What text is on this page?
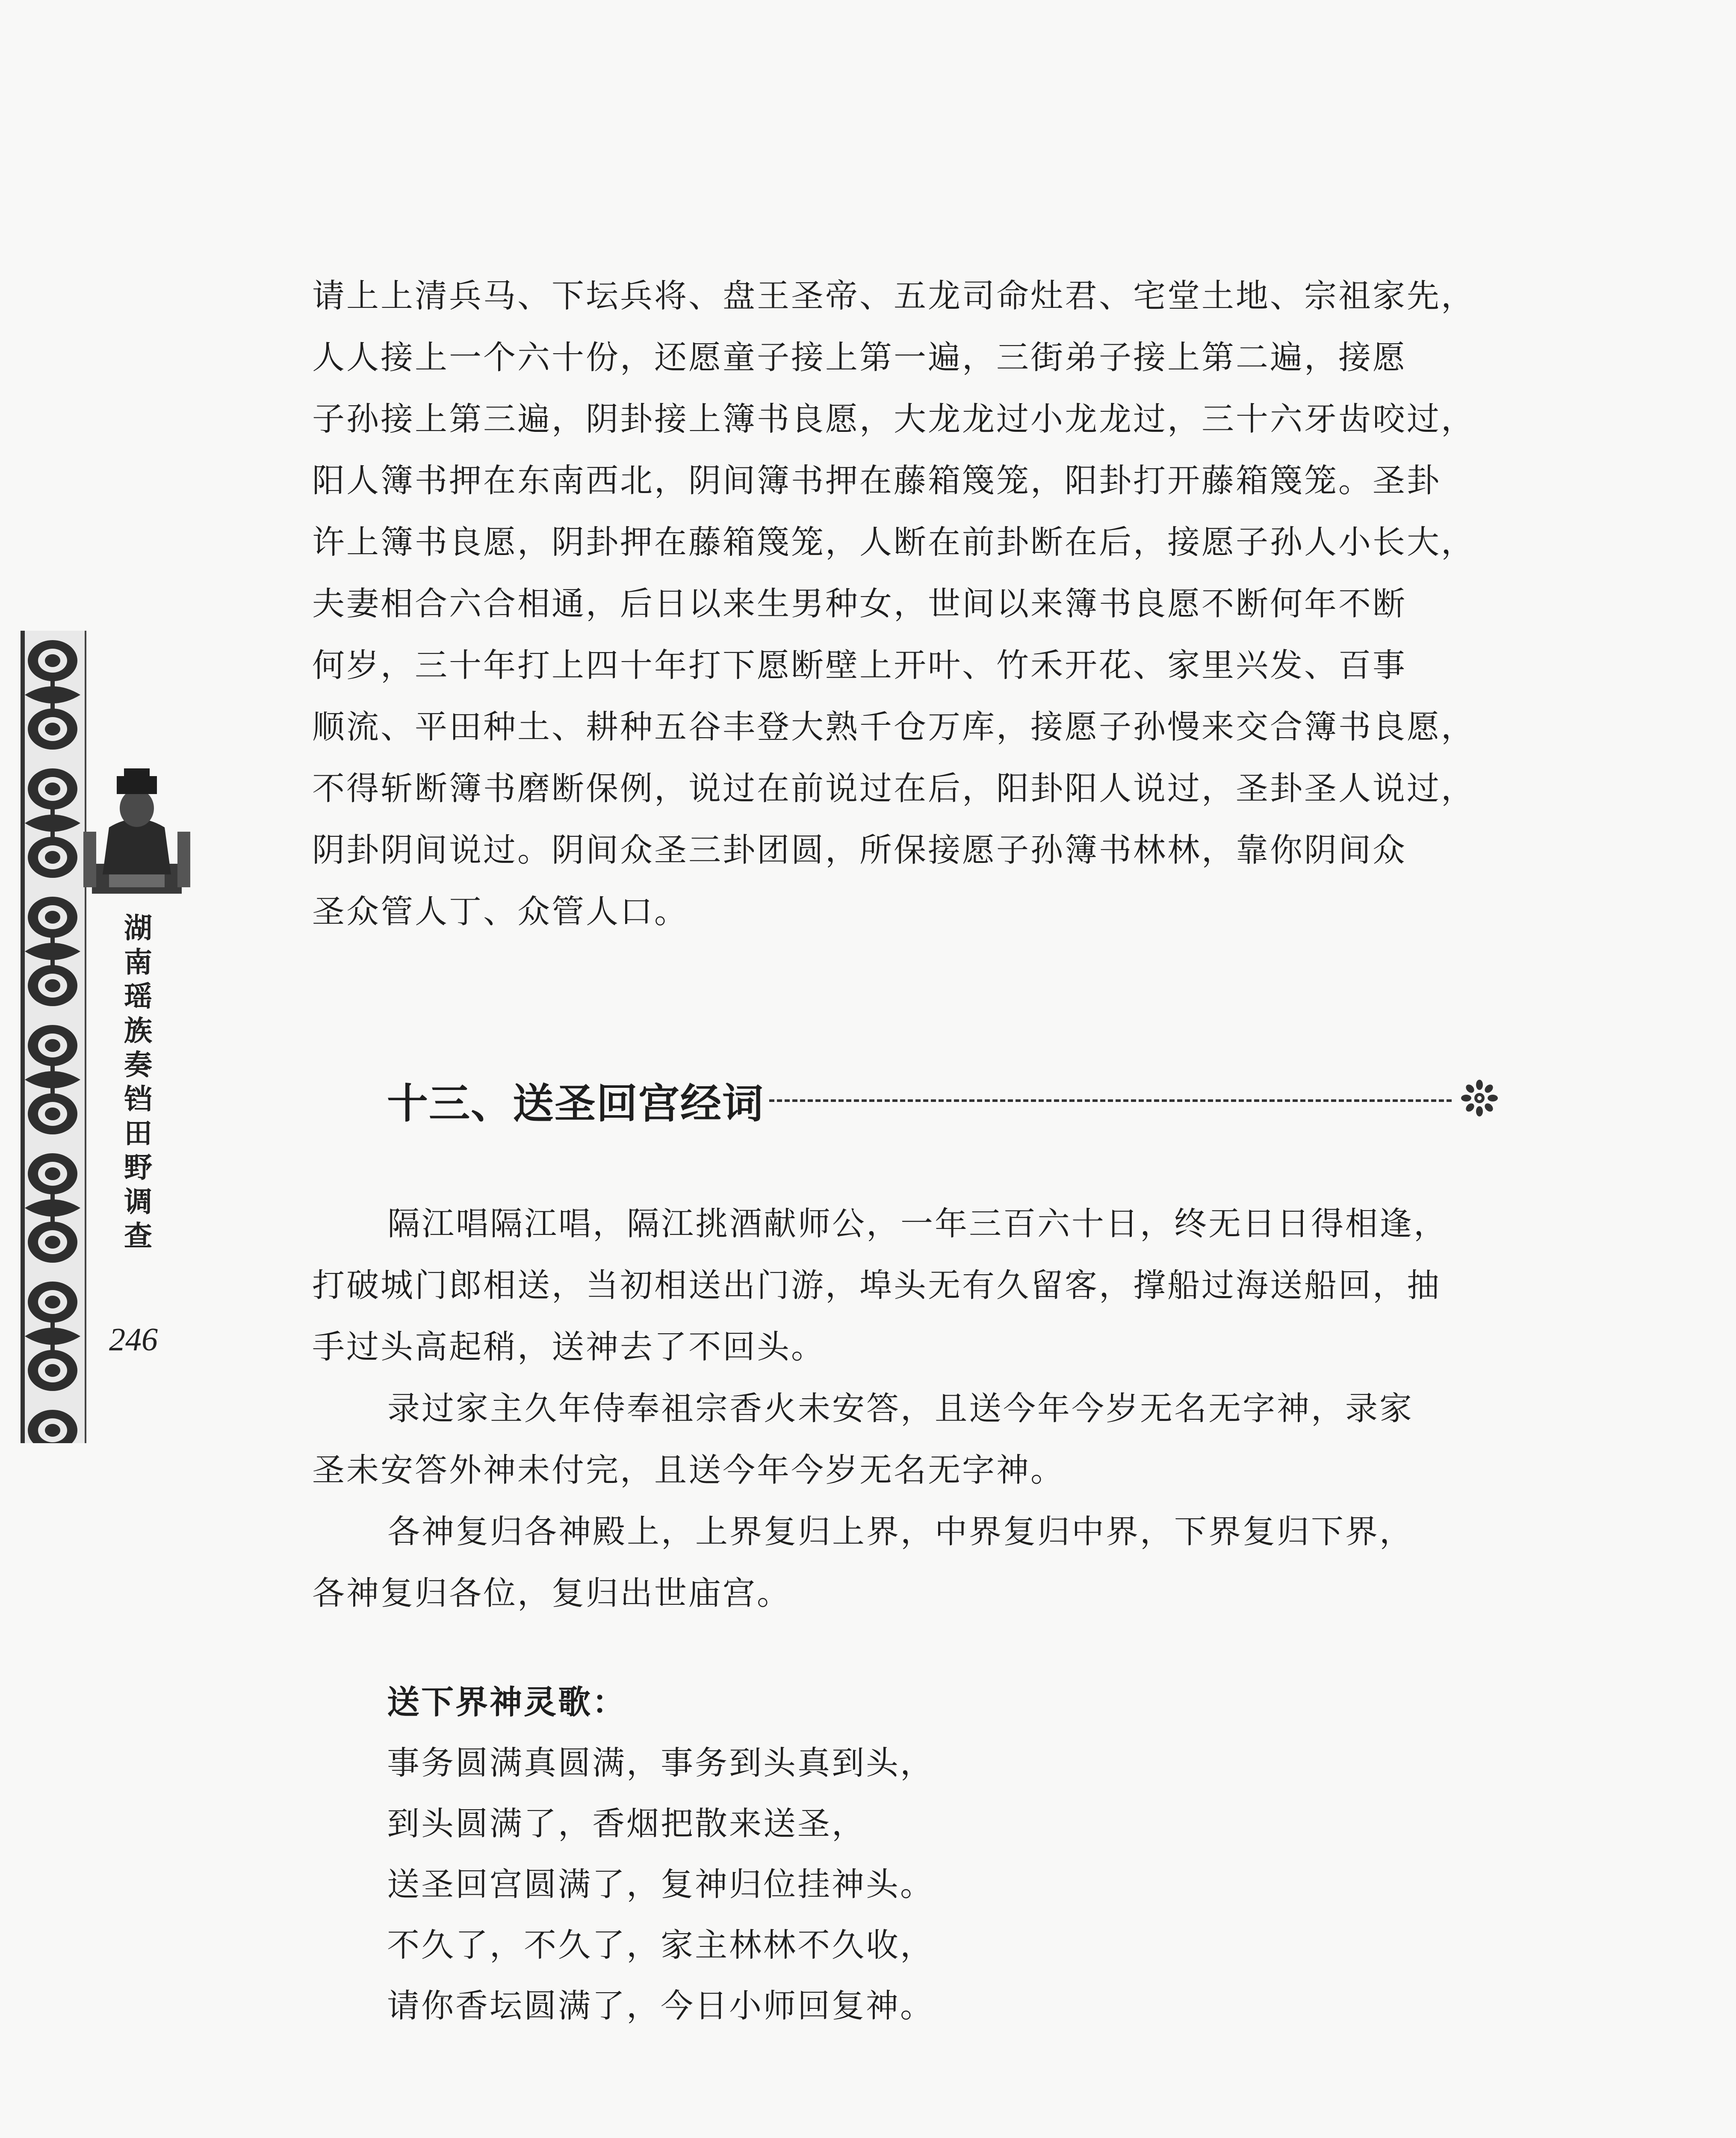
湖
南
瑶
族
奏
铛
田
野
调
查
246
请上上清兵马、下坛兵将、盘王圣帝、五龙司命灶君、宅堂土地、宗祖家先，
人人接上一个六十份，还愿童子接上第一遍，三街弟子接上第二遍，接愿
子孙接上第三遍，阴卦接上簿书良愿，大龙龙过小龙龙过，三十六牙齿咬过，
阳人簿书押在东南西北，阴间簿书押在藤箱篾笼，阳卦打开藤箱篾笼。圣卦
许上簿书良愿，阴卦押在藤箱篾笼，人断在前卦断在后，接愿子孙人小长大，
夫妻相合六合相通，后日以来生男种女，世间以来簿书良愿不断何年不断
何岁，三十年打上四十年打下愿断壁上开叶、竹禾开花、家里兴发、百事
顺流、平田种土、耕种五谷丰登大熟千仓万库，接愿子孙慢来交合簿书良愿，
不得斩断簿书磨断保例，说过在前说过在后，阳卦阳人说过，圣卦圣人说过，
阴卦阴间说过。阴间众圣三卦团圆，所保接愿子孙簿书林林，靠你阴间众
圣众管人丁、众管人口。
十三、送圣回宫经词
隔江唱隔江唱，隔江挑酒献师公，一年三百六十日，终无日日得相逢，
打破城门郎相送，当初相送出门游，埠头无有久留客，撑船过海送船回，抽
手过头高起稍，送神去了不回头。
录过家主久年侍奉祖宗香火未安答，且送今年今岁无名无字神，录家
圣未安答外神未付完，且送今年今岁无名无字神。
各神复归各神殿上，上界复归上界，中界复归中界，下界复归下界，
各神复归各位，复归出世庙宫。
送下界神灵歌：
事务圆满真圆满，事务到头真到头，
到头圆满了，香烟把散来送圣，
送圣回宫圆满了，复神归位挂神头。
不久了，不久了，家主林林不久收，
请你香坛圆满了，今日小师回复神。
